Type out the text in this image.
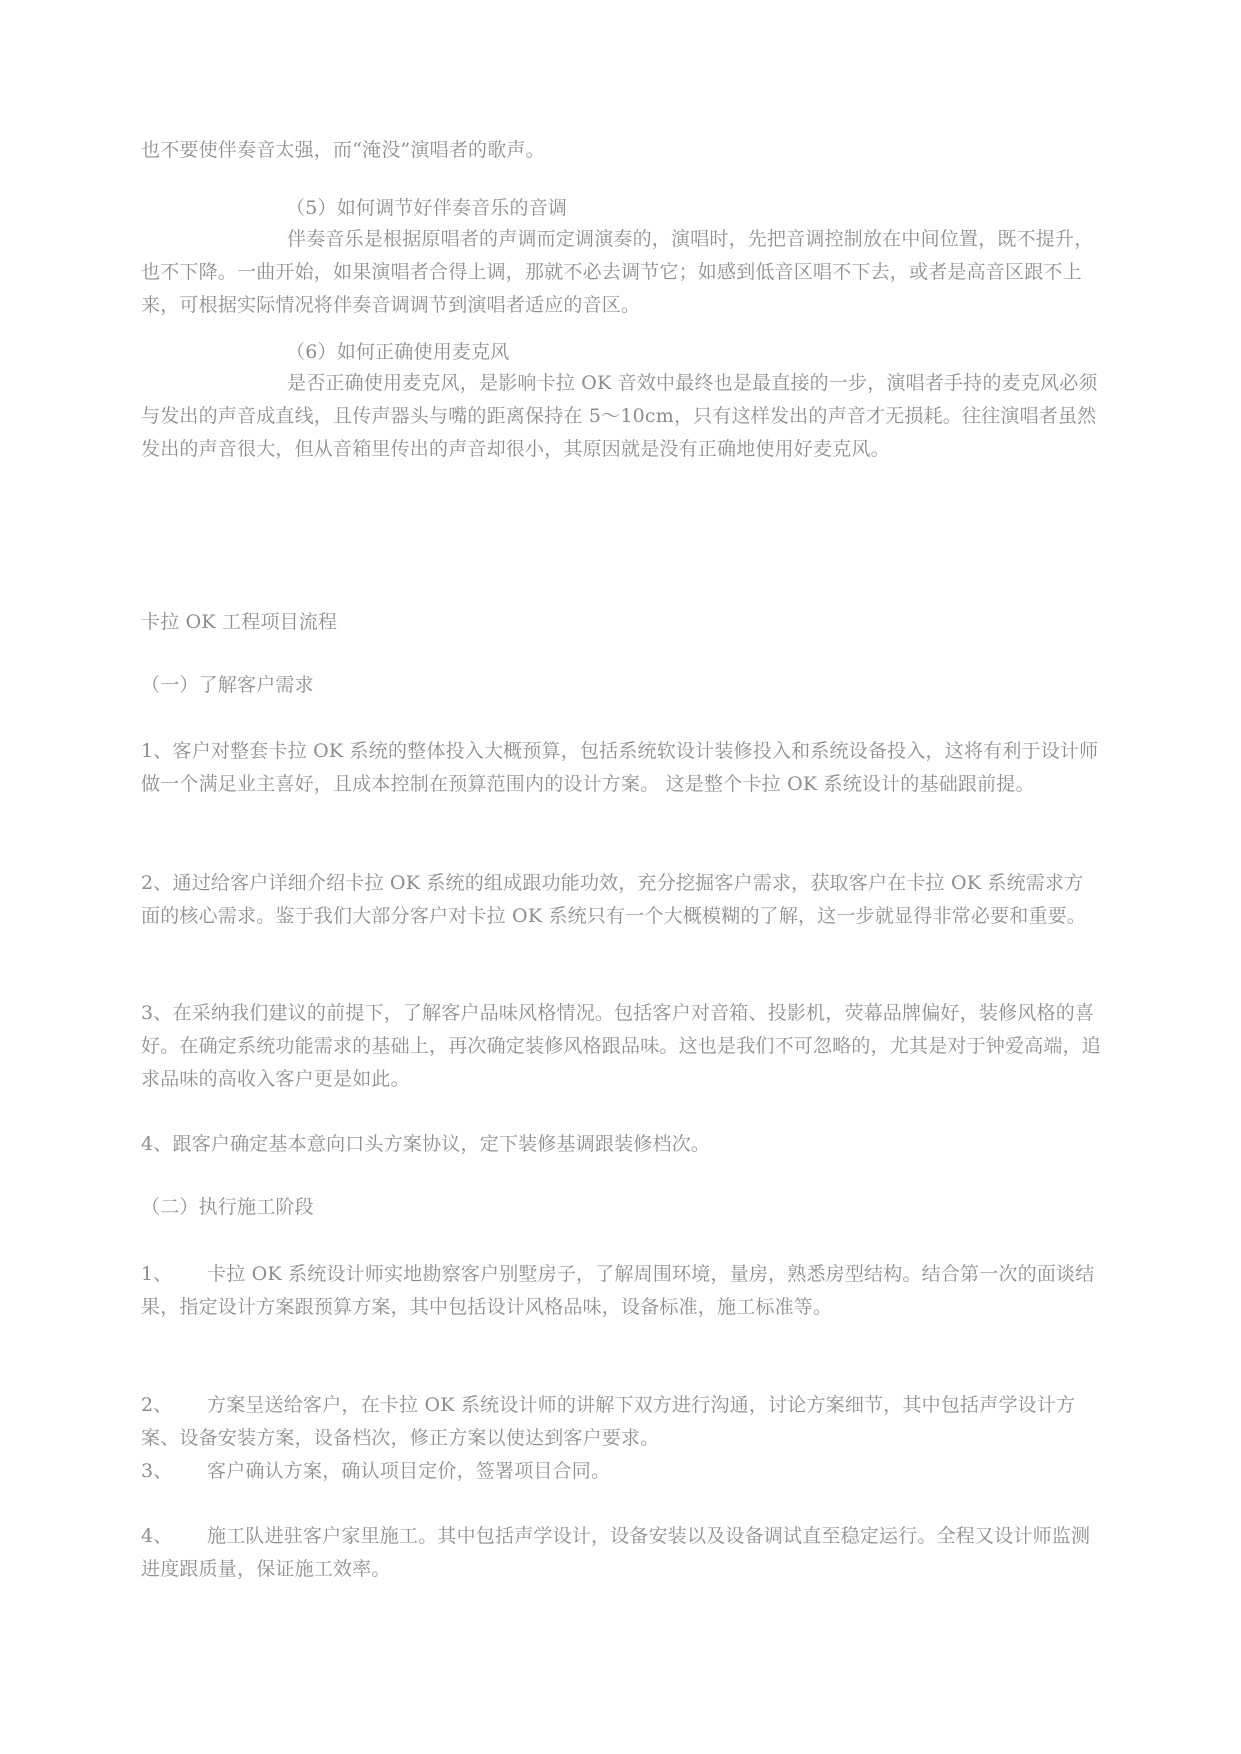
也不要使伴奏音太强，而“淹没”演唱者的歌声。

（5）如何调节好伴奏音乐的音调

伴奏音乐是根据原唱者的声调而定调演奏的，演唱时，先把音调控制放在中间位置，既不提升，也不下降。一曲开始，如果演唱者合得上调，那就不必去调节它；如感到低音区唱不下去，或者是高音区跟不上来，可根据实际情况将伴奏音调调节到演唱者适应的音区。

（6）如何正确使用麦克风

是否正确使用麦克风，是影响卡拉 OK 音效中最终也是最直接的一步，演唱者手持的麦克风必须与发出的声音成直线，且传声器头与嘴的距离保持在 5～10cm，只有这样发出的声音才无损耗。往往演唱者虽然发出的声音很大，但从音箱里传出的声音却很小，其原因就是没有正确地使用好麦克风。

卡拉 OK 工程项目流程

（一）了解客户需求

1、客户对整套卡拉 OK 系统的整体投入大概预算，包括系统软设计装修投入和系统设备投入，这将有利于设计师做一个满足业主喜好，且成本控制在预算范围内的设计方案。 这是整个卡拉 OK 系统设计的基础跟前提。

2、通过给客户详细介绍卡拉 OK 系统的组成跟功能功效，充分挖掘客户需求，获取客户在卡拉 OK 系统需求方面的核心需求。鉴于我们大部分客户对卡拉 OK 系统只有一个大概模糊的了解，这一步就显得非常必要和重要。

3、在采纳我们建议的前提下，了解客户品味风格情况。包括客户对音箱、投影机，荧幕品牌偏好，装修风格的喜好。在确定系统功能需求的基础上，再次确定装修风格跟品味。这也是我们不可忽略的，尤其是对于钟爱高端，追求品味的高收入客户更是如此。

4、跟客户确定基本意向口头方案协议，定下装修基调跟装修档次。

（二）执行施工阶段

1、 卡拉 OK 系统设计师实地勘察客户别墅房子，了解周围环境，量房，熟悉房型结构。结合第一次的面谈结果，指定设计方案跟预算方案，其中包括设计风格品味，设备标准，施工标准等。

2、 方案呈送给客户，在卡拉 OK 系统设计师的讲解下双方进行沟通，讨论方案细节，其中包括声学设计方案、设备安装方案，设备档次，修正方案以使达到客户要求。

3、 客户确认方案，确认项目定价，签署项目合同。

4、 施工队进驻客户家里施工。其中包括声学设计，设备安装以及设备调试直至稳定运行。全程又设计师监测进度跟质量，保证施工效率。
